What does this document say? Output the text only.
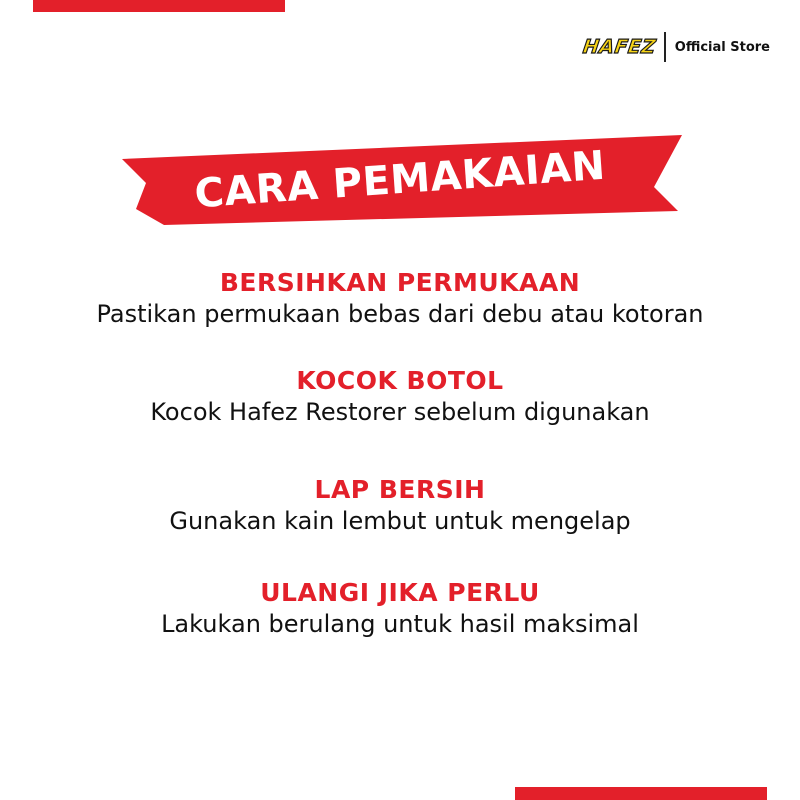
HAFEZ Official Store
CARA PEMAKAIAN
BERSIHKAN PERMUKAAN
Pastikan permukaan bebas dari debu atau kotoran
KOCOK BOTOL
Kocok Hafez Restorer sebelum digunakan
LAP BERSIH
Gunakan kain lembut untuk mengelap
ULANGI JIKA PERLU
Lakukan berulang untuk hasil maksimal
